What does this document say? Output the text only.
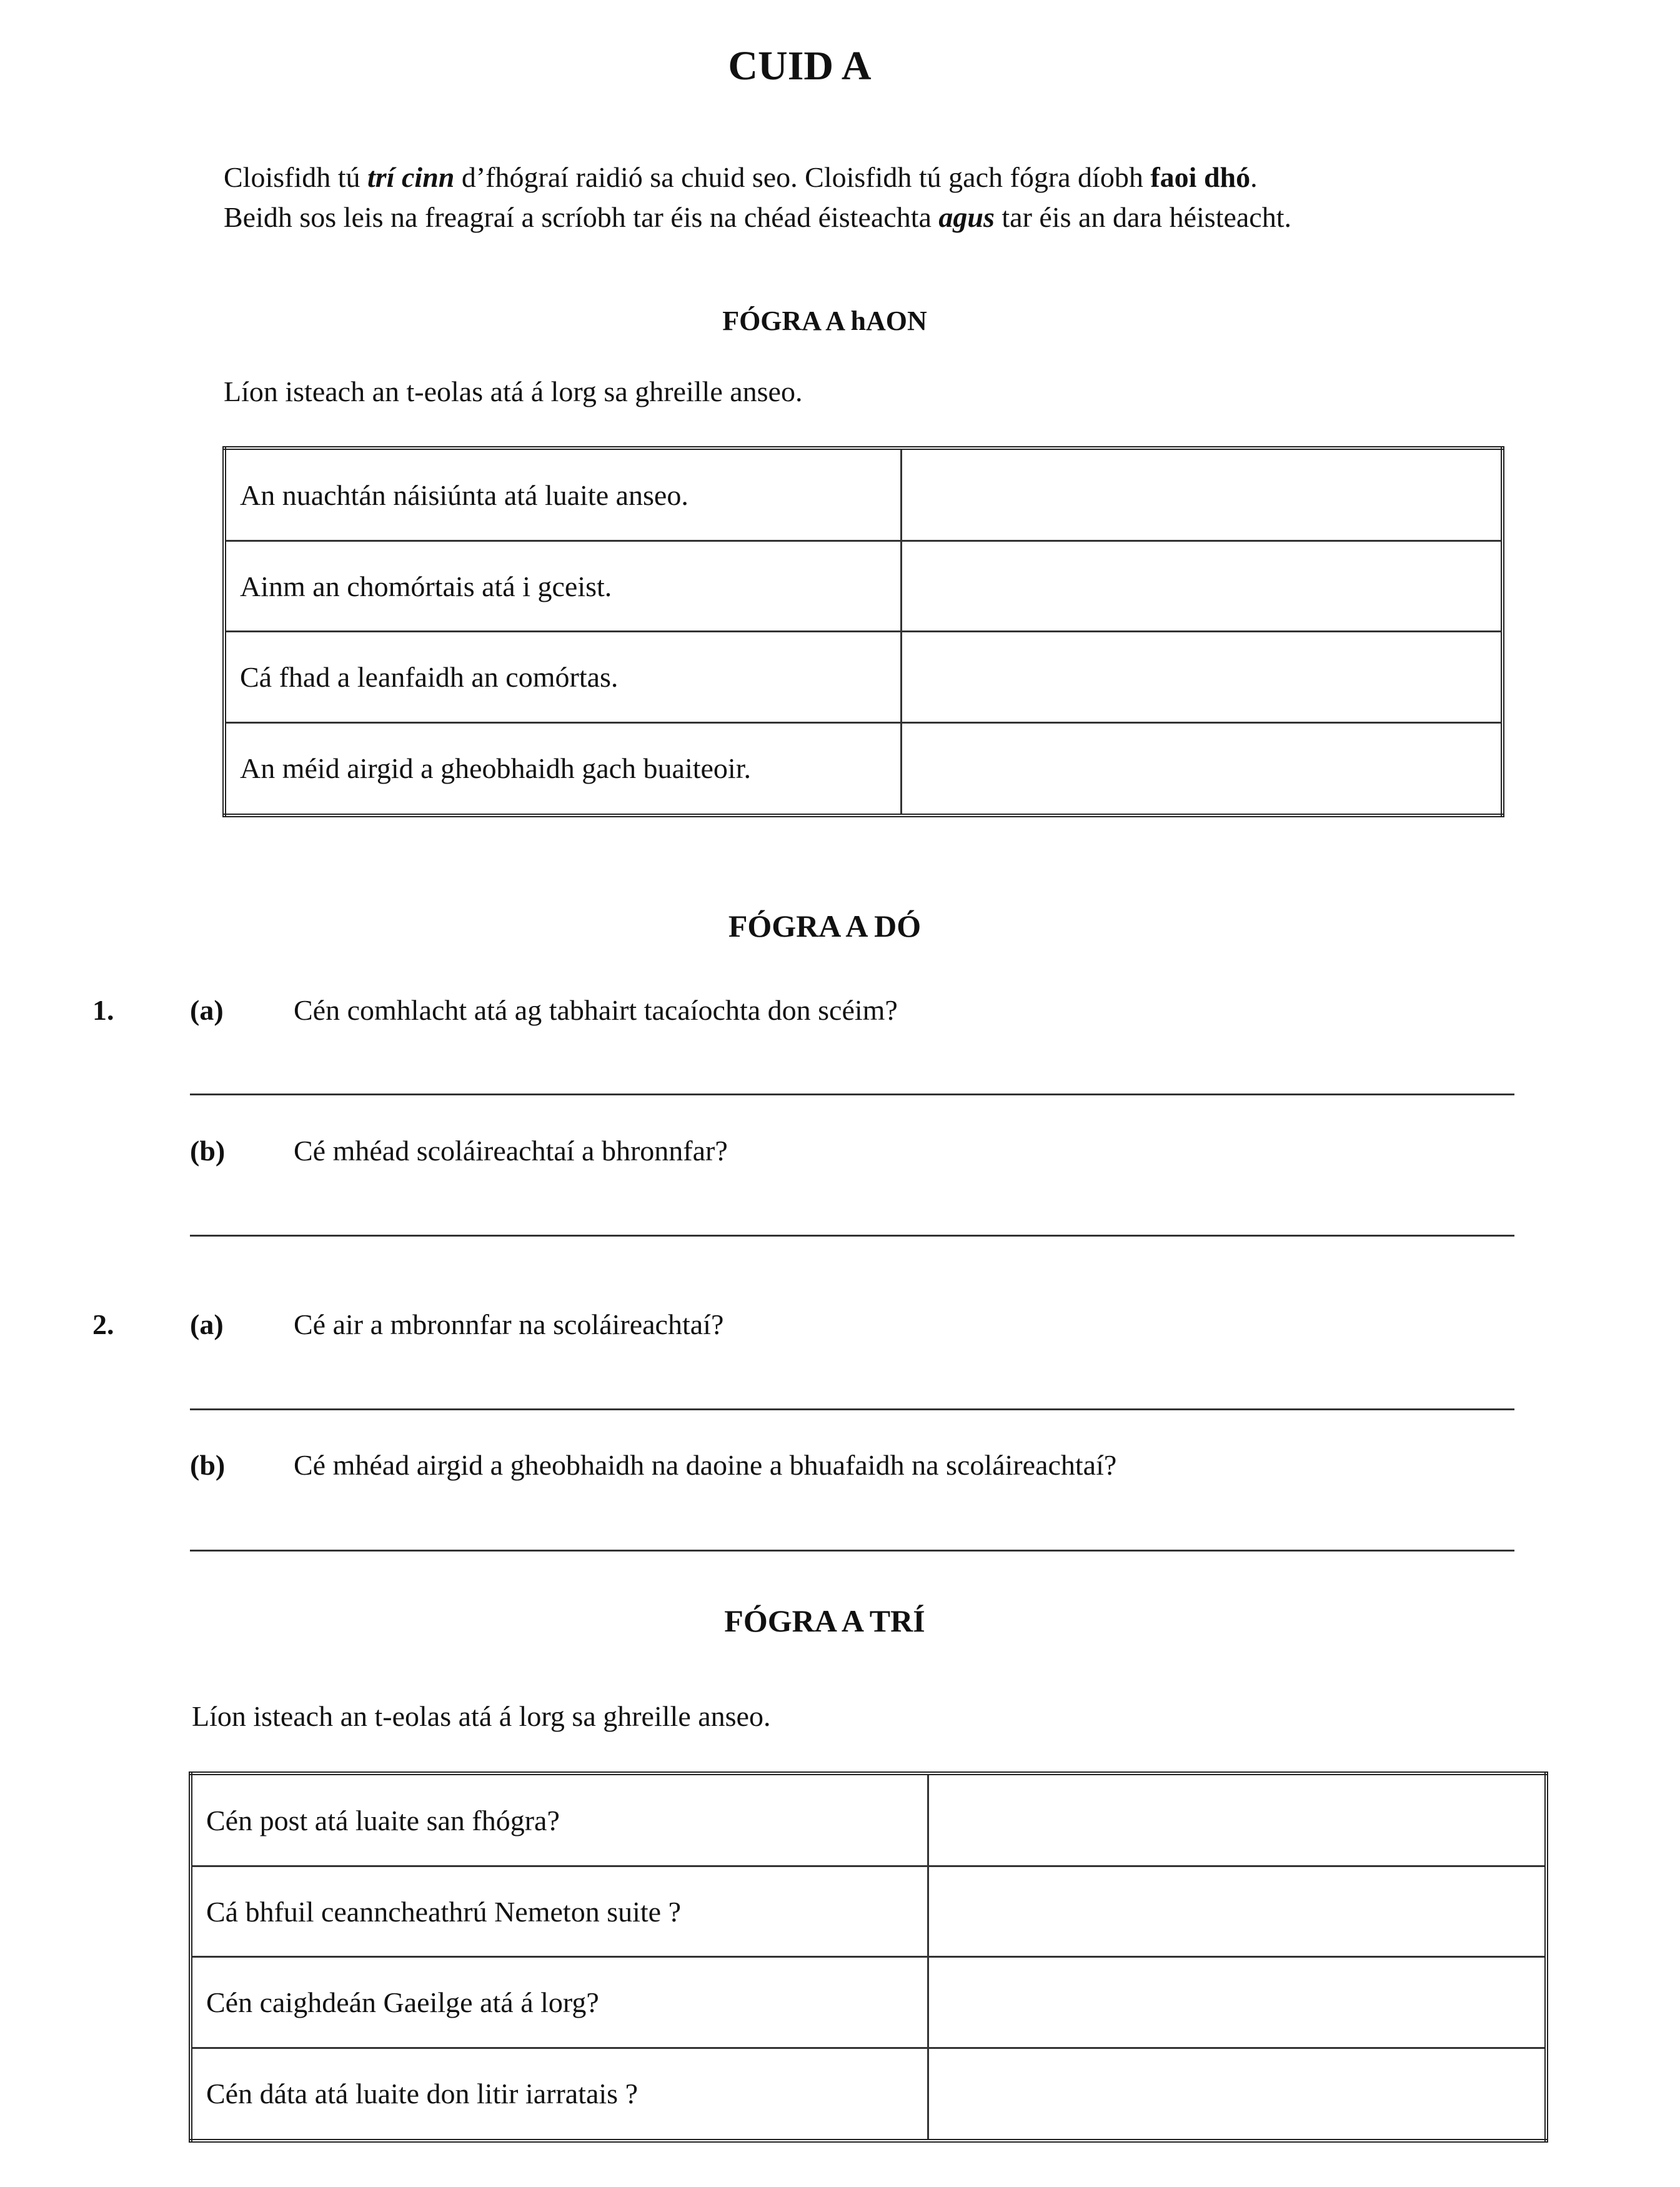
CUID A
Cloisfidh tú trí cinn d’fhógraí raidió sa chuid seo. Cloisfidh tú gach fógra díobh faoi dhó.
Beidh sos leis na freagraí a scríobh tar éis na chéad éisteachta agus tar éis an dara héisteacht.
FÓGRA A hAON
Líon isteach an t-eolas atá á lorg sa ghreille anseo.
An nuachtán náisiúnta atá luaite anseo.	
Ainm an chomórtais atá i gceist.	
Cá fhad a leanfaidh an comórtas.	
An méid airgid a gheobhaidh gach buaiteoir.	
FÓGRA A DÓ
1.	(a) Cén comhlacht atá ag tabhairt tacaíochta don scéim?
(b) Cé mhéad scoláireachtaí a bhronnfar?
2.	(a) Cé air a mbronnfar na scoláireachtaí?
(b) Cé mhéad airgid a gheobhaidh na daoine a bhuafaidh na scoláireachtaí?
FÓGRA A TRÍ
Líon isteach an t-eolas atá á lorg sa ghreille anseo.
Cén post atá luaite san fhógra?	
Cá bhfuil ceanncheathrú Nemeton suite ?	
Cén caighdeán Gaeilge atá á lorg?	
Cén dáta atá luaite don litir iarratais ?	
